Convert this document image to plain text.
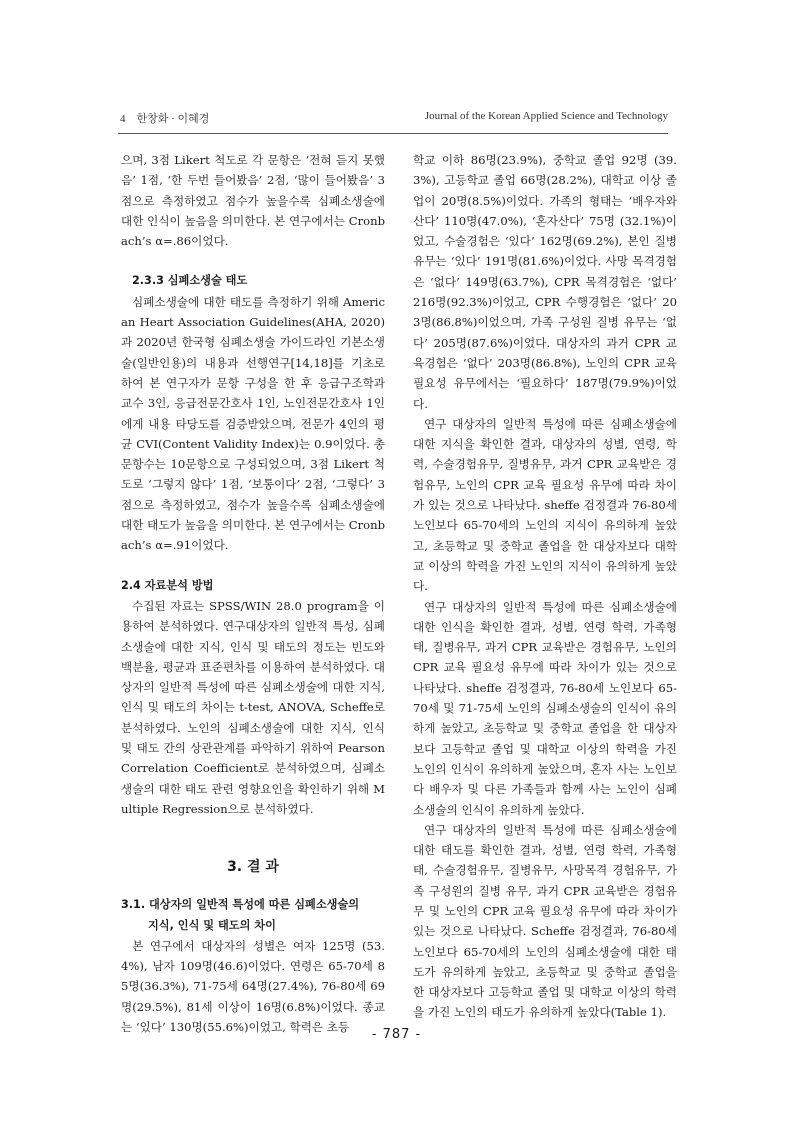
4 한창화 · 이혜경	Journal of the Korean Applied Science and Technology

으며, 3점 Likert 척도로 각 문항은 ‘전혀 듣지 못했음’ 1점, ‘한 두번 들어봤음’ 2점, ‘많이 들어봤음’ 3점으로 측정하였고 점수가 높을수록 심폐소생술에 대한 인식이 높음을 의미한다. 본 연구에서는 Cronbach’s α=.86이었다.

2.3.3 심폐소생술 태도

심폐소생술에 대한 태도를 측정하기 위해 American Heart Association Guidelines(AHA, 2020)과 2020년 한국형 심폐소생술 가이드라인 기본소생술(일반인용)의 내용과 선행연구[14,18]를 기초로 하여 본 연구자가 문항 구성을 한 후 응급구조학과 교수 3인, 응급전문간호사 1인, 노인전문간호사 1인에게 내용 타당도를 검증받았으며, 전문가 4인의 평균 CVI(Content Validity Index)는 0.9이었다. 총 문항수는 10문항으로 구성되었으며, 3점 Likert 척도로 ‘그렇지 않다’ 1점, ‘보통이다’ 2점, ‘그렇다’ 3점으로 측정하였고, 점수가 높을수록 심폐소생술에 대한 태도가 높음을 의미한다. 본 연구에서는 Cronbach’s α=.91이었다.

2.4 자료분석 방법

수집된 자료는 SPSS/WIN 28.0 program을 이용하여 분석하였다. 연구대상자의 일반적 특성, 심폐소생술에 대한 지식, 인식 및 태도의 정도는 빈도와 백분율, 평균과 표준편차를 이용하여 분석하였다. 대상자의 일반적 특성에 따른 심폐소생술에 대한 지식, 인식 및 태도의 차이는 t-test, ANOVA, Scheffe로 분석하였다. 노인의 심폐소생술에 대한 지식, 인식 및 태도 간의 상관관계를 파악하기 위하여 Pearson Correlation Coefficient로 분석하였으며, 심폐소생술의 대한 태도 관련 영향요인을 확인하기 위해 Multiple Regression으로 분석하였다.

3. 결 과
3.1. 대상자의 일반적 특성에 따른 심폐소생술의
지식, 인식 및 태도의 차이

본 연구에서 대상자의 성별은 여자 125명 (53.4%), 남자 109명(46.6)이었다. 연령은 65-70세 85명(36.3%), 71-75세 64명(27.4%), 76-80세 69명(29.5%), 81세 이상이 16명(6.8%)이었다. 종교는 ‘있다’ 130명(55.6%)이었고, 학력은 초등

학교 이하 86명(23.9%), 중학교 졸업 92명 (39.3%), 고등학교 졸업 66명(28.2%), 대학교 이상 졸업이 20명(8.5%)이었다. 가족의 형태는 ‘배우자와 산다’ 110명(47.0%), ‘혼자산다’ 75명 (32.1%)이었고, 수술경험은 ‘있다’ 162명(69.2%), 본인 질병유무는 ‘있다’ 191명(81.6%)이었다. 사망 목격경험은 ‘없다’ 149명(63.7%), CPR 목격경험은 ‘없다’ 216명(92.3%)이었고, CPR 수행경험은 ‘없다’ 203명(86.8%)이었으며, 가족 구성원 질병 유무는 ‘없다’ 205명(87.6%)이었다. 대상자의 과거 CPR 교육경험은 ‘없다’ 203명(86.8%), 노인의 CPR 교육 필요성 유무에서는 ‘필요하다’ 187명(79.9%)이었다.

연구 대상자의 일반적 특성에 따른 심폐소생술에 대한 지식을 확인한 결과, 대상자의 성별, 연령, 학력, 수술경험유무, 질병유무, 과거 CPR 교육받은 경험유무, 노인의 CPR 교육 필요성 유무에 따라 차이가 있는 것으로 나타났다. sheffe 검정결과 76-80세 노인보다 65-70세의 노인의 지식이 유의하게 높았고, 초등학교 및 중학교 졸업을 한 대상자보다 대학교 이상의 학력을 가진 노인의 지식이 유의하게 높았다.

연구 대상자의 일반적 특성에 따른 심폐소생술에 대한 인식을 확인한 결과, 성별, 연령 학력, 가족형태, 질병유무, 과거 CPR 교육받은 경험유무, 노인의 CPR 교육 필요성 유무에 따라 차이가 있는 것으로 나타났다. sheffe 검정결과, 76-80세 노인보다 65-70세 및 71-75세 노인의 심폐소생술의 인식이 유의하게 높았고, 초등학교 및 중학교 졸업을 한 대상자보다 고등학교 졸업 및 대학교 이상의 학력을 가진 노인의 인식이 유의하게 높았으며, 혼자 사는 노인보다 배우자 및 다른 가족들과 함께 사는 노인이 심폐소생술의 인식이 유의하게 높았다.

연구 대상자의 일반적 특성에 따른 심폐소생술에 대한 태도를 확인한 결과, 성별, 연령 학력, 가족형태, 수술경험유무, 질병유무, 사망목격 경험유무, 가족 구성원의 질병 유무, 과거 CPR 교육받은 경험유무 및 노인의 CPR 교육 필요성 유무에 따라 차이가 있는 것으로 나타났다. Scheffe 검정결과, 76-80세 노인보다 65-70세의 노인의 심폐소생술에 대한 태도가 유의하게 높았고, 초등학교 및 중학교 졸업을 한 대상자보다 고등학교 졸업 및 대학교 이상의 학력을 가진 노인의 태도가 유의하게 높았다(Table 1).

- 787 -
